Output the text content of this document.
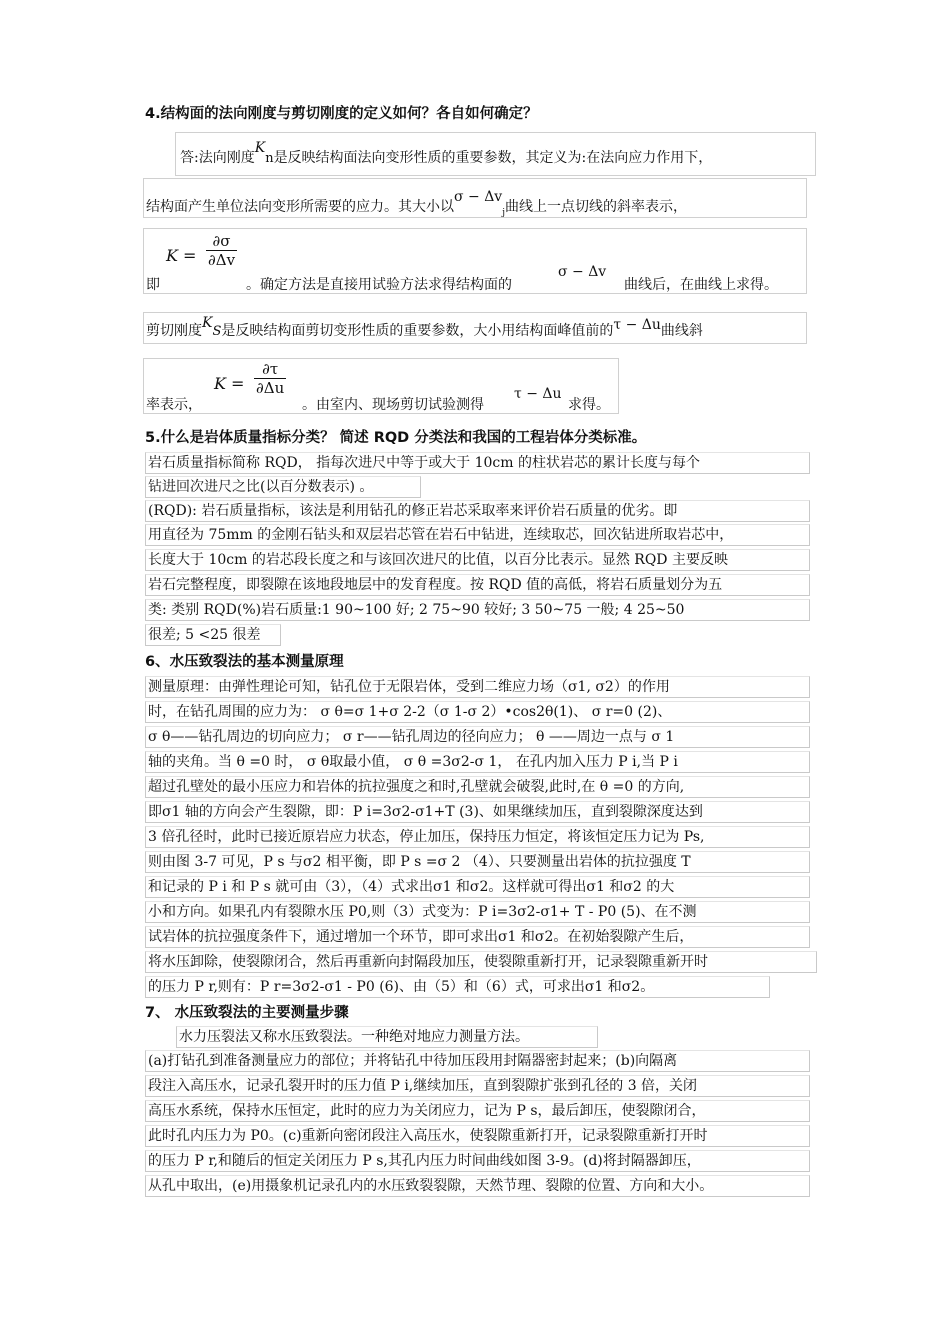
4.结构面的法向刚度与剪切刚度的定义如何？各自如何确定？
答:法向刚度Kn是反映结构面法向变形性质的重要参数，其定义为:在法向应力作用下，
结构面产生单位法向变形所需要的应力。其大小以$\sigma - \Delta v_j$曲线上一点切线的斜率表示，
即
$K = \frac{\partial\sigma}{\partial\Delta v}$
。确定方法是直接用试验方法求得结构面的
σ − Δv
曲线后，在曲线上求得。
剪切刚度KS是反映结构面剪切变形性质的重要参数，大小用结构面峰值前的τ − Δu曲线斜
率表示，
$K = \frac{\partial\tau}{\partial\Delta u}$
。由室内、现场剪切试验测得
τ − Δu
求得。
5.什么是岩体质量指标分类？ 简述 RQD 分类法和我国的工程岩体分类标准。
岩石质量指标简称 RQD， 指每次进尺中等于或大于 10cm 的柱状岩芯的累计长度与每个
钻进回次进尺之比(以百分数表示) 。
(RQD): 岩石质量指标，该法是利用钻孔的修正岩芯采取率来评价岩石质量的优劣。即
用直径为 75mm 的金刚石钻头和双层岩芯管在岩石中钻进，连续取芯，回次钻进所取岩芯中，
长度大于 10cm 的岩芯段长度之和与该回次进尺的比值，以百分比表示。显然 RQD 主要反映
岩石完整程度，即裂隙在该地段地层中的发育程度。按 RQD 值的高低，将岩石质量划分为五
类: 类别 RQD(%)岩石质量:1 90~100 好; 2 75~90 较好; 3 50~75 一般; 4 25~50
很差; 5 <25 很差
6、水压致裂法的基本测量原理
测量原理：由弹性理论可知，钻孔位于无限岩体，受到二维应力场（σ1, σ2）的作用
时，在钻孔周围的应力为： σ θ=σ 1+σ 2-2（σ 1-σ 2）•cos2θ(1)、 σ r=0 (2)、
σ θ——钻孔周边的切向应力； σ r——钻孔周边的径向应力； θ ——周边一点与 σ 1
轴的夹角。当 θ =0 时， σ θ取最小值， σ θ =3σ2-σ 1， 在孔内加入压力 P i,当 P i
超过孔壁处的最小压应力和岩体的抗拉强度之和时,孔壁就会破裂,此时,在 θ =0 的方向,
即σ1 轴的方向会产生裂隙，即：P i=3σ2-σ1+T (3)、如果继续加压，直到裂隙深度达到
3 倍孔径时，此时已接近原岩应力状态，停止加压，保持压力恒定，将该恒定压力记为 Ps,
则由图 3-7 可见，P s 与σ2 相平衡，即 P s =σ 2 （4）、只要测量出岩体的抗拉强度 T
和记录的 P i 和 P s 就可由（3），（4）式求出σ1 和σ2。这样就可得出σ1 和σ2 的大
小和方向。如果孔内有裂隙水压 P0,则（3）式变为：P i=3σ2-σ1+ T - P0 (5)、在不测
试岩体的抗拉强度条件下，通过增加一个环节，即可求出σ1 和σ2。在初始裂隙产生后，
将水压卸除，使裂隙闭合，然后再重新向封隔段加压，使裂隙重新打开，记录裂隙重新开时
的压力 P r,则有：P r=3σ2-σ1 - P0 (6)、由（5）和（6）式，可求出σ1 和σ2。
7、 水压致裂法的主要测量步骤
水力压裂法又称水压致裂法。一种绝对地应力测量方法。
(a)打钻孔到准备测量应力的部位；并将钻孔中待加压段用封隔器密封起来；(b)向隔离
段注入高压水，记录孔裂开时的压力值 P i,继续加压，直到裂隙扩张到孔径的 3 倍，关闭
高压水系统，保持水压恒定，此时的应力为关闭应力，记为 P s，最后卸压，使裂隙闭合，
此时孔内压力为 P0。(c)重新向密闭段注入高压水，使裂隙重新打开，记录裂隙重新打开时
的压力 P r,和随后的恒定关闭压力 P s,其孔内压力时间曲线如图 3-9。(d)将封隔器卸压，
从孔中取出，(e)用摄象机记录孔内的水压致裂裂隙，天然节理、裂隙的位置、方向和大小。
